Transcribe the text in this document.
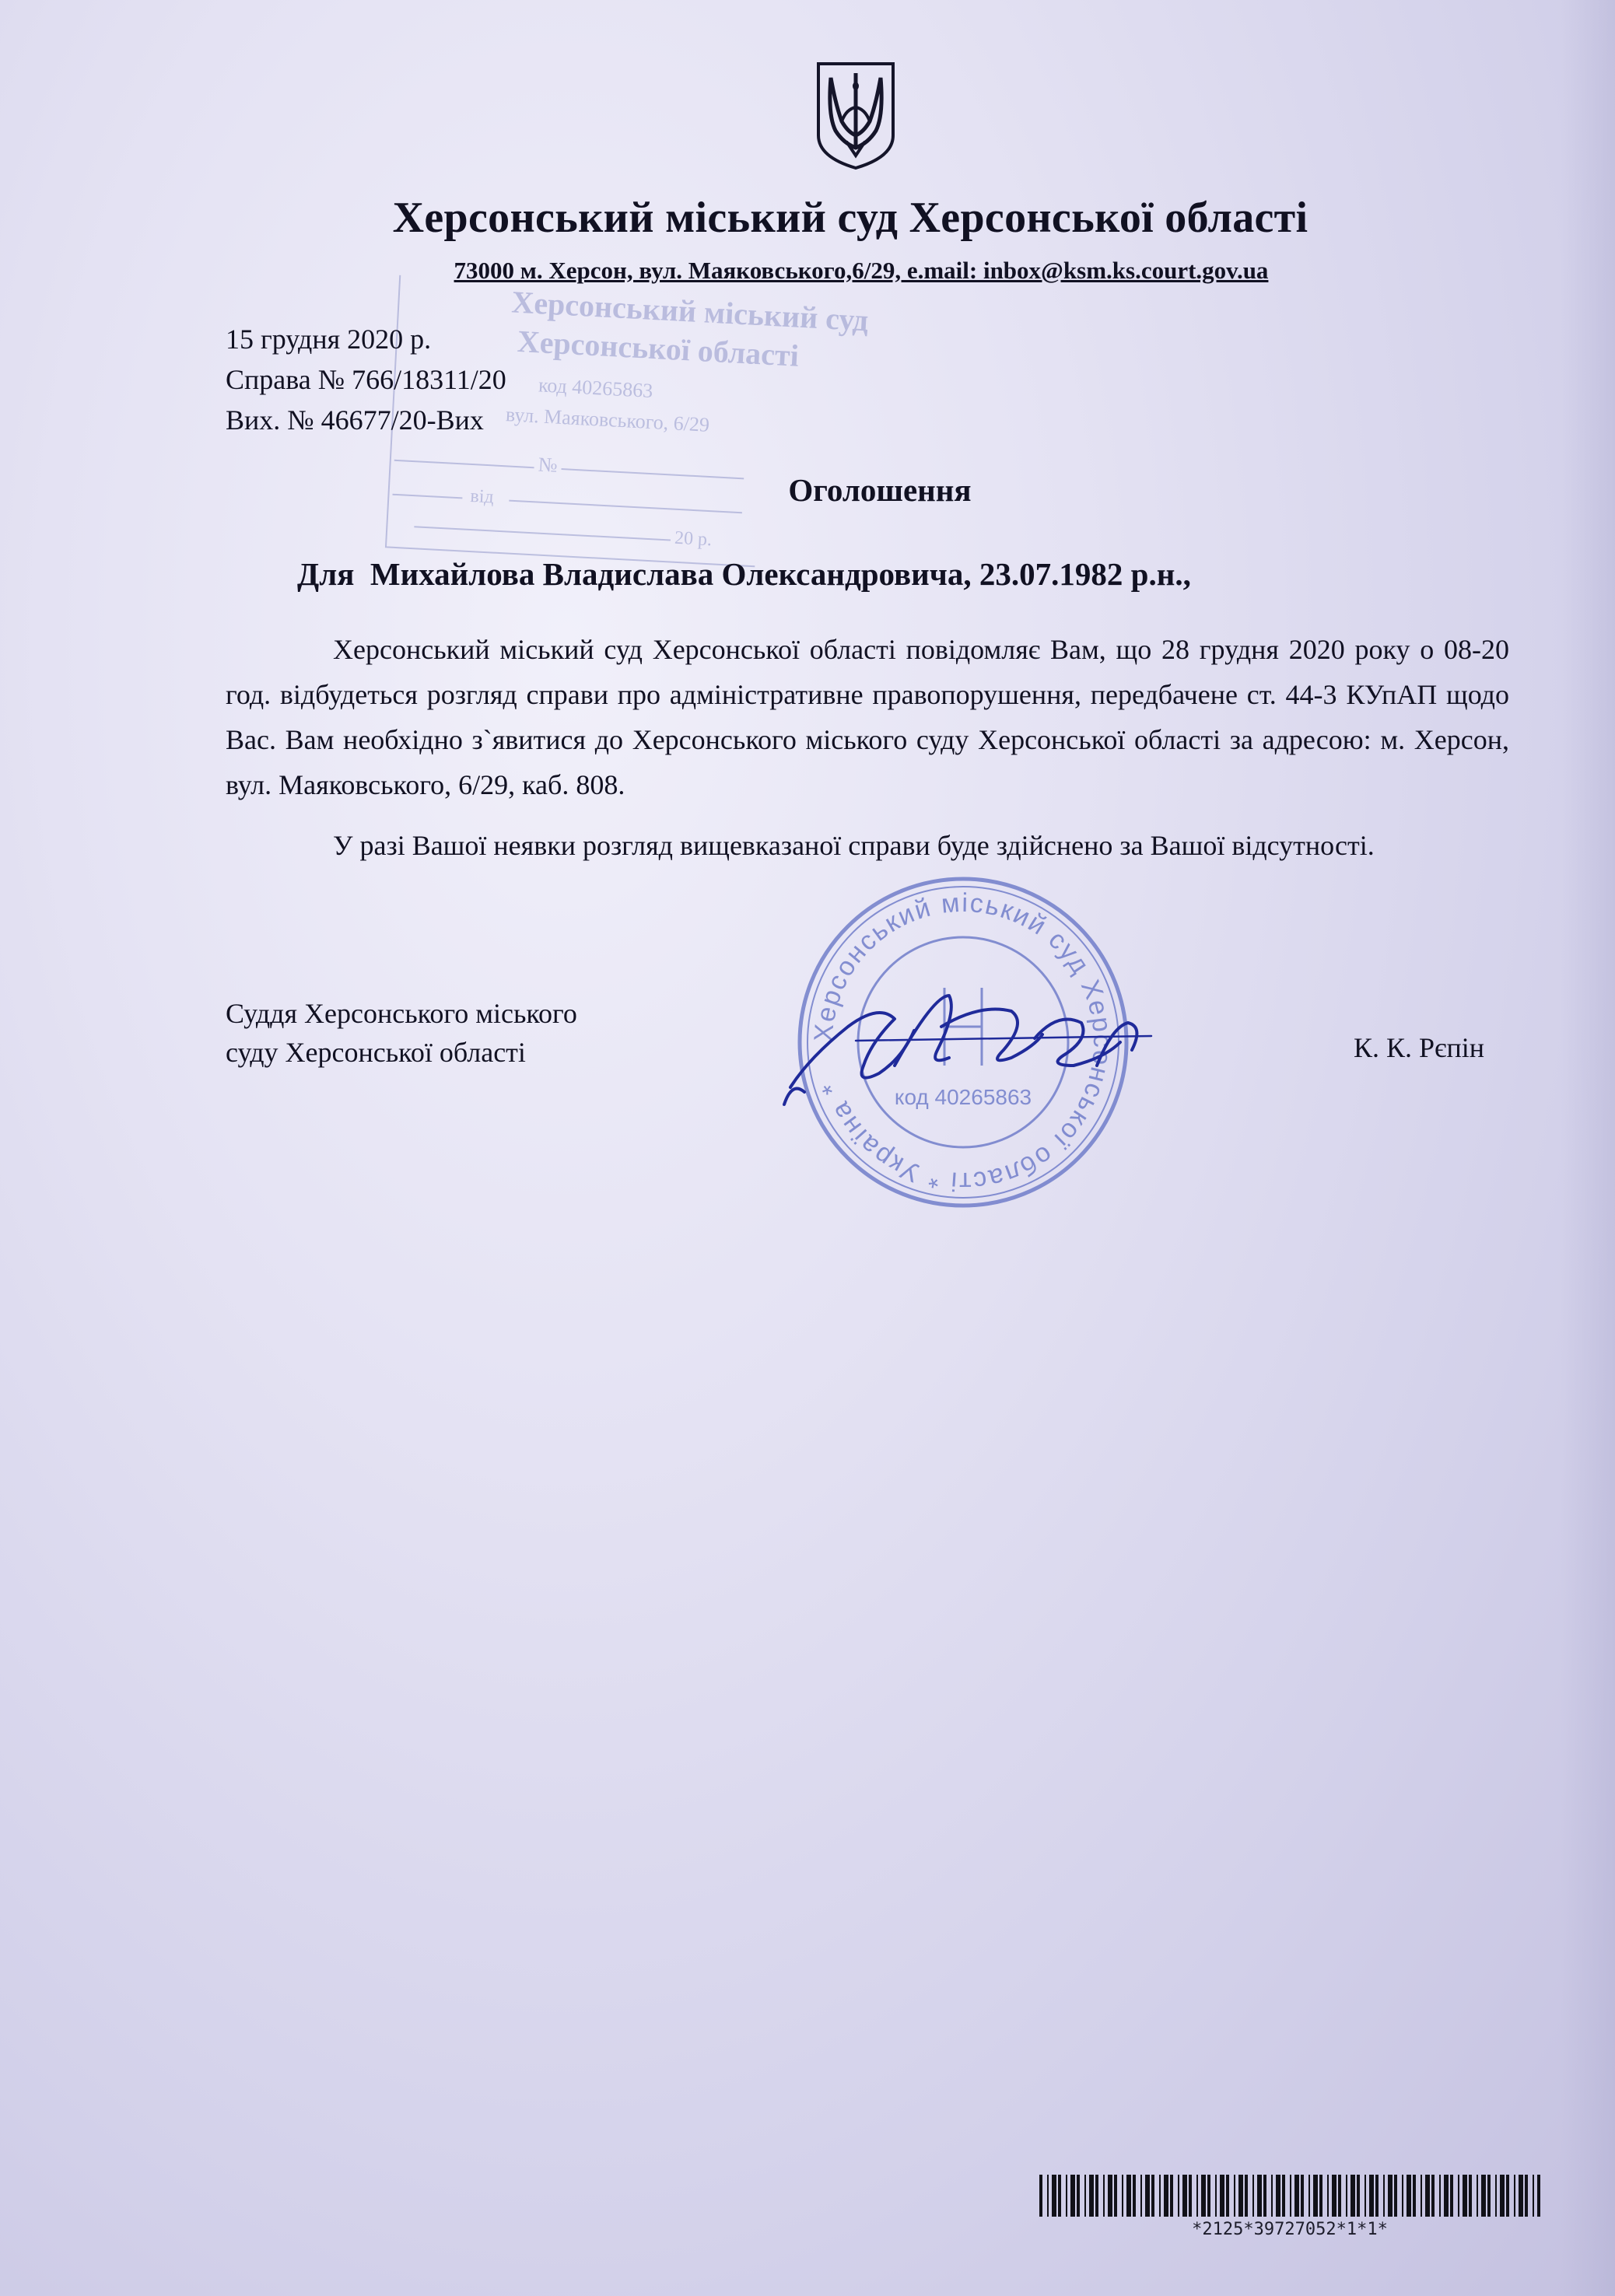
Херсонський міський суд Херсонської області
73000 м. Херсон, вул. Маяковського,6/29, e.mail: inbox@ksm.ks.court.gov.ua
Херсонський міський суд
Херсонської області
код 40265863
вул. Маяковського, 6/29
№
від
20 р.
15 грудня 2020 р.
Справа № 766/18311/20
Вих. № 46677/20-Вих
Оголошення
Для  Михайлова Владислава Олександровича, 23.07.1982 р.н.,
Херсонський міський суд Херсонської області повідомляє Вам, що 28 грудня 2020 року о 08-20 год. відбудеться розгляд справи про адміністративне правопорушення, передбачене ст. 44-3 КУпАП щодо Вас. Вам необхідно з`явитися до Херсонського міського суду Херсонської області за адресою: м. Херсон, вул. Маяковського, 6/29, каб. 808.
У разі Вашої неявки розгляд вищевказаної справи буде здійснено за Вашої відсутності.
Суддя Херсонського міського
суду Херсонської області
Херсонський міський суд Херсонської області * Україна *	код 40265863
К. К. Рєпін
*2125*39727052*1*1*
